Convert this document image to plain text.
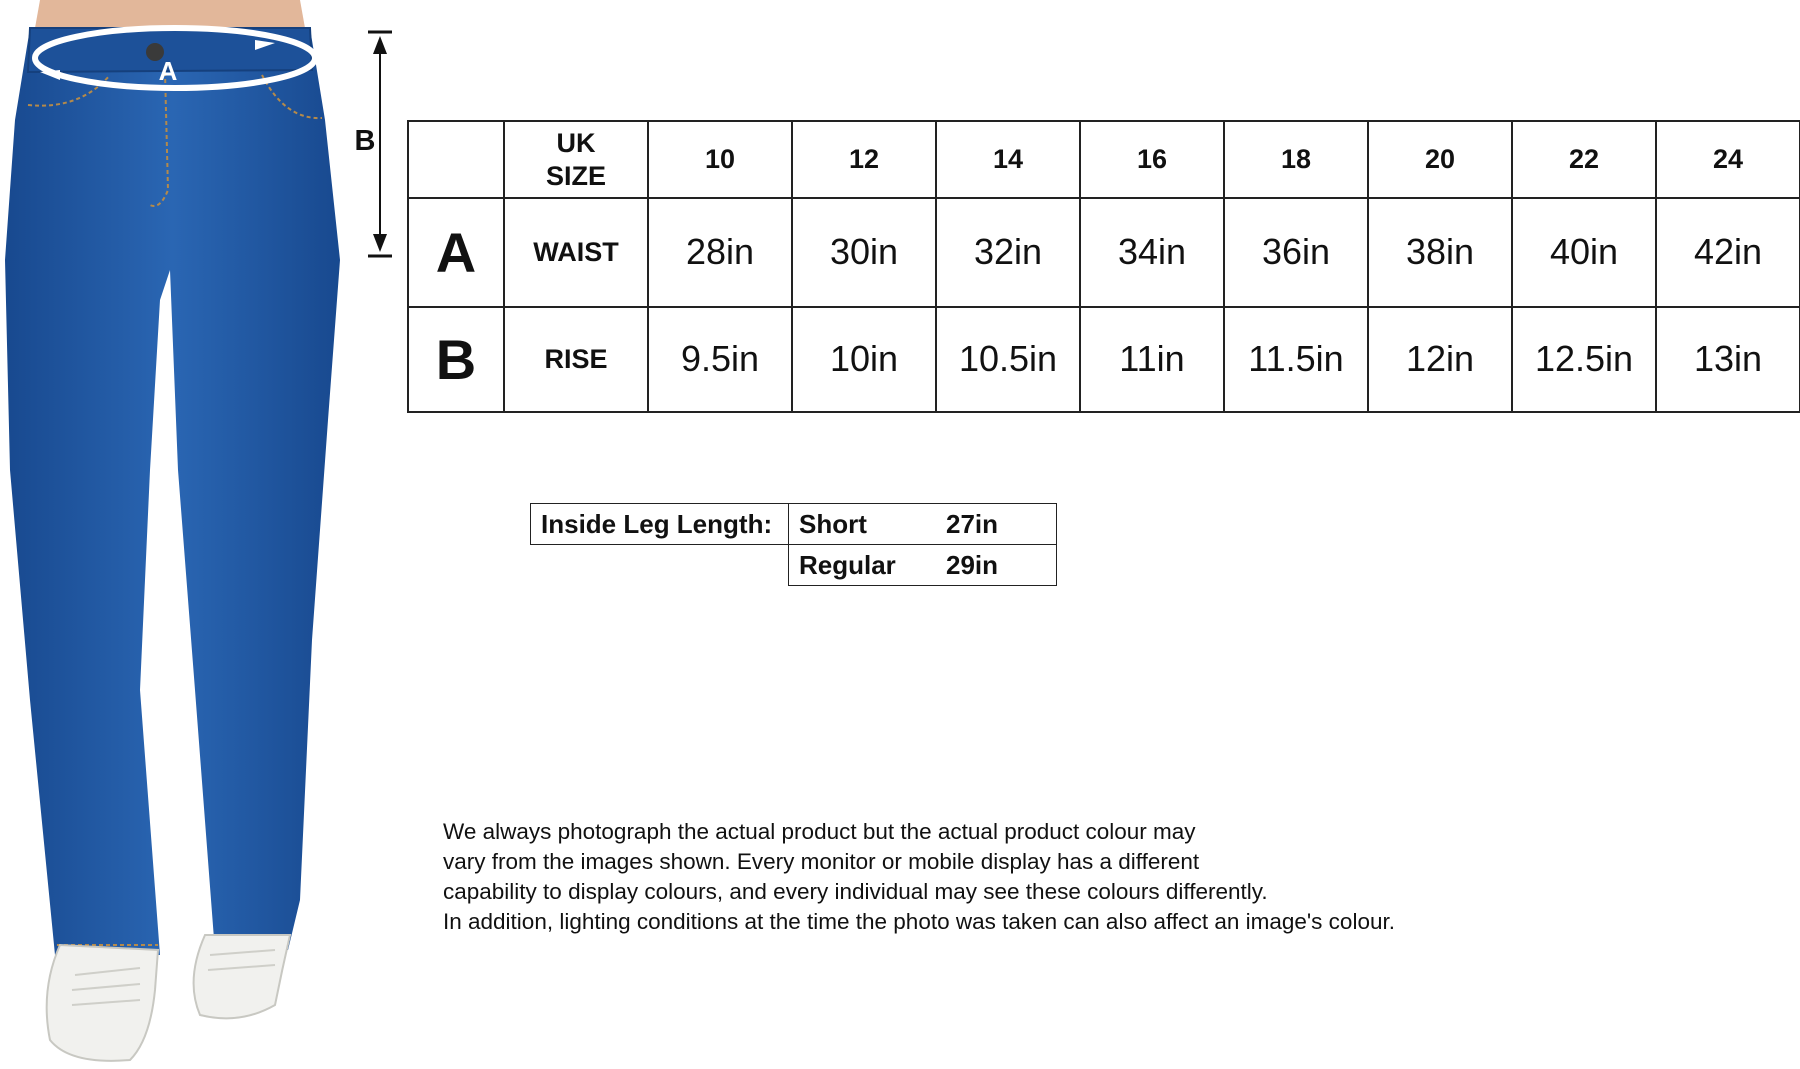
A
B
		UK
SIZE	10	12	14	16	18	20	22	24
A	WAIST	28in	30in	32in	34in	36in	38in	40in	42in
B	RISE	9.5in	10in	10.5in	11in	11.5in	12in	12.5in	13in
Inside Leg Length:	Short	27in
	Regular	29in

We always photograph the actual product but the actual product colour may

vary from the images shown. Every monitor or mobile display has a different

capability to display colours, and every individual may see these colours differently.

In addition, lighting conditions at the time the photo was taken can also affect an image's colour.
